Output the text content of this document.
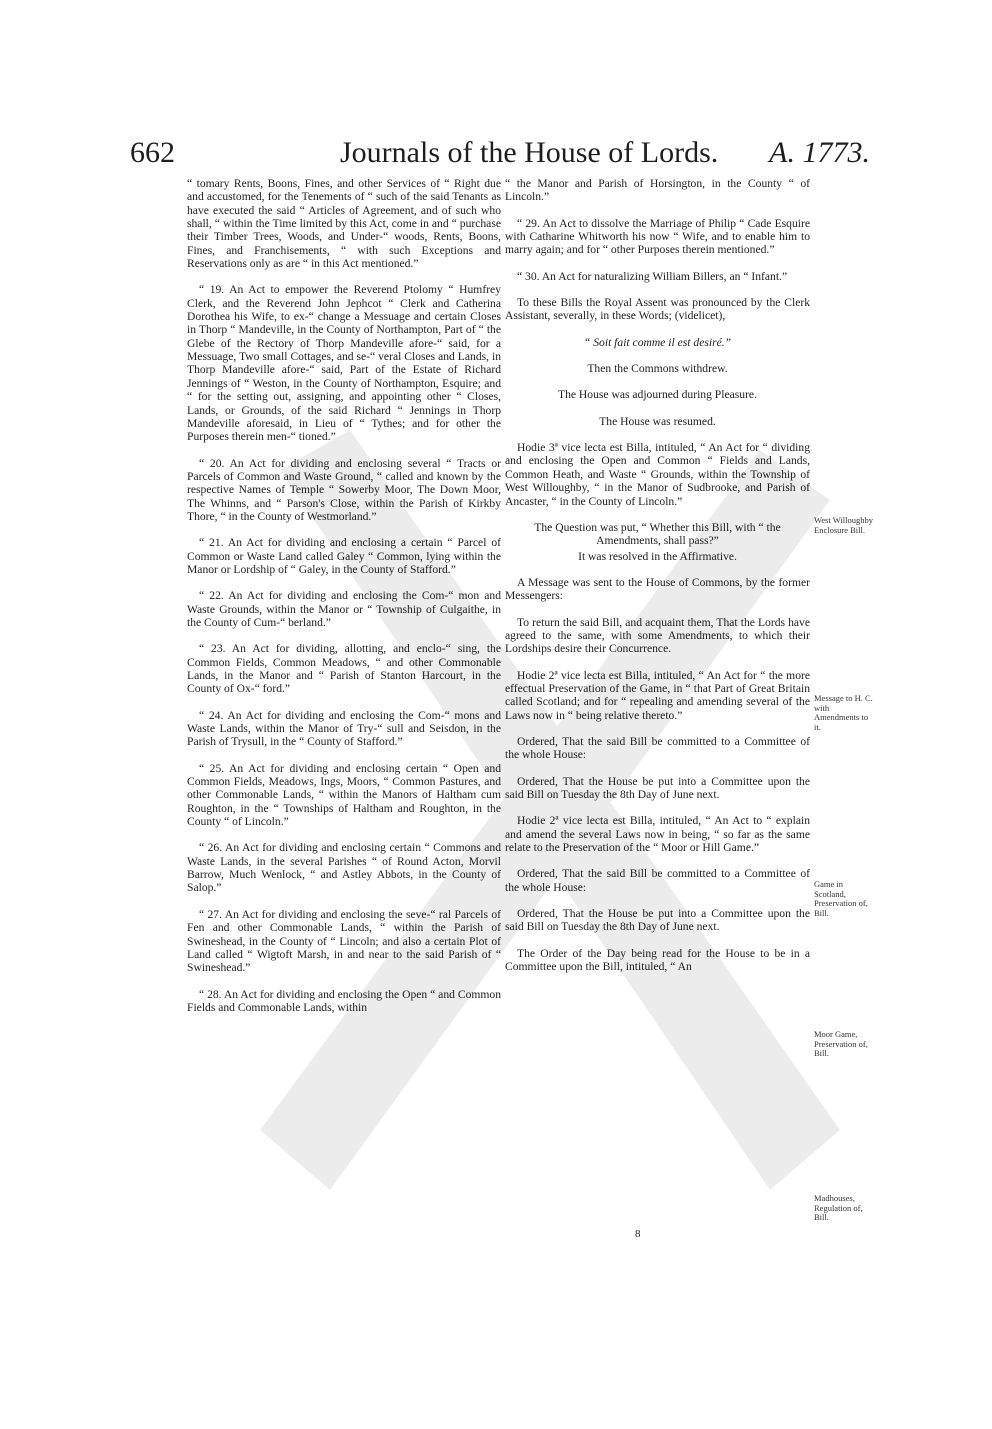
662	Journals of the House of Lords. A. 1773.

“ tomary Rents, Boons, Fines, and other Services of “ Right due and accustomed, for the Tenements of “ such of the said Tenants as have executed the said “ Articles of Agreement, and of such who shall, “ within the Time limited by this Act, come in and “ purchase their Timber Trees, Woods, and Under-“ woods, Rents, Boons, Fines, and Franchisements, “ with such Exceptions and Reservations only as are “ in this Act mentioned.”

“ 19. An Act to empower the Reverend Ptolomy “ Humfrey Clerk, and the Reverend John Jephcot “ Clerk and Catherina Dorothea his Wife, to ex-“ change a Messuage and certain Closes in Thorp “ Mandeville, in the County of Northampton, Part of “ the Glebe of the Rectory of Thorp Mandeville afore-“ said, for a Messuage, Two small Cottages, and se-“ veral Closes and Lands, in Thorp Mandeville afore-“ said, Part of the Estate of Richard Jennings of “ Weston, in the County of Northampton, Esquire; and “ for the setting out, assigning, and appointing other “ Closes, Lands, or Grounds, of the said Richard “ Jennings in Thorp Mandeville aforesaid, in Lieu of “ Tythes; and for other the Purposes therein men-“ tioned.”

“ 20. An Act for dividing and enclosing several “ Tracts or Parcels of Common and Waste Ground, “ called and known by the respective Names of Temple “ Sowerby Moor, The Down Moor, The Whinns, and “ Parson's Close, within the Parish of Kirkby Thore, “ in the County of Westmorland.”

“ 21. An Act for dividing and enclosing a certain “ Parcel of Common or Waste Land called Galey “ Common, lying within the Manor or Lordship of “ Galey, in the County of Stafford.”

“ 22. An Act for dividing and enclosing the Com-“ mon and Waste Grounds, within the Manor or “ Township of Culgaithe, in the County of Cum-“ berland.”

“ 23. An Act for dividing, allotting, and enclo-“ sing, the Common Fields, Common Meadows, “ and other Commonable Lands, in the Manor and “ Parish of Stanton Harcourt, in the County of Ox-“ ford.”

“ 24. An Act for dividing and enclosing the Com-“ mons and Waste Lands, within the Manor of Try-“ sull and Seisdon, in the Parish of Trysull, in the “ County of Stafford.”

“ 25. An Act for dividing and enclosing certain “ Open and Common Fields, Meadows, Ings, Moors, “ Common Pastures, and other Commonable Lands, “ within the Manors of Haltham cum Roughton, in the “ Townships of Haltham and Roughton, in the County “ of Lincoln.”

“ 26. An Act for dividing and enclosing certain “ Commons and Waste Lands, in the several Parishes “ of Round Acton, Morvil Barrow, Much Wenlock, “ and Astley Abbots, in the County of Salop.”

“ 27. An Act for dividing and enclosing the seve-“ ral Parcels of Fen and other Commonable Lands, “ within the Parish of Swineshead, in the County of “ Lincoln; and also a certain Plot of Land called “ Wigtoft Marsh, in and near to the said Parish of “ Swineshead.”

“ 28. An Act for dividing and enclosing the Open “ and Common Fields and Commonable Lands, within

“ the Manor and Parish of Horsington, in the County “ of Lincoln.”

“ 29. An Act to dissolve the Marriage of Philip “ Cade Esquire with Catharine Whitworth his now “ Wife, and to enable him to marry again; and for “ other Purposes therein mentioned.”

“ 30. An Act for naturalizing William Billers, an “ Infant.”

To these Bills the Royal Assent was pronounced by the Clerk Assistant, severally, in these Words; (videlicet),

“ Soit fait comme il est desiré.”

Then the Commons withdrew.

The House was adjourned during Pleasure.

The House was resumed.

Hodie 3ª vice lecta est Billa, intituled, “ An Act for “ dividing and enclosing the Open and Common “ Fields and Lands, Common Heath, and Waste “ Grounds, within the Township of West Willoughby, “ in the Manor of Sudbrooke, and Parish of Ancaster, “ in the County of Lincoln.”

The Question was put, “ Whether this Bill, with “ the Amendments, shall pass?”

It was resolved in the Affirmative.

A Message was sent to the House of Commons, by the former Messengers:

To return the said Bill, and acquaint them, That the Lords have agreed to the same, with some Amendments, to which their Lordships desire their Concurrence.

Hodie 2ª vice lecta est Billa, intituled, “ An Act for “ the more effectual Preservation of the Game, in “ that Part of Great Britain called Scotland; and for “ repealing and amending several of the Laws now in “ being relative thereto.”

Ordered, That the said Bill be committed to a Committee of the whole House:

Ordered, That the House be put into a Committee upon the said Bill on Tuesday the 8th Day of June next.

Hodie 2ª vice lecta est Billa, intituled, “ An Act to “ explain and amend the several Laws now in being, “ so far as the same relate to the Preservation of the “ Moor or Hill Game.”

Ordered, That the said Bill be committed to a Committee of the whole House:

Ordered, That the House be put into a Committee upon the said Bill on Tuesday the 8th Day of June next.

The Order of the Day being read for the House to be in a Committee upon the Bill, intituled, “ An

West Willoughby Enclosure Bill.
Message to H. C. with Amendments to it.
Game in Scotland, Preservation of, Bill.
Moor Game, Preservation of, Bill.
Madhouses, Regulation of, Bill.
8
